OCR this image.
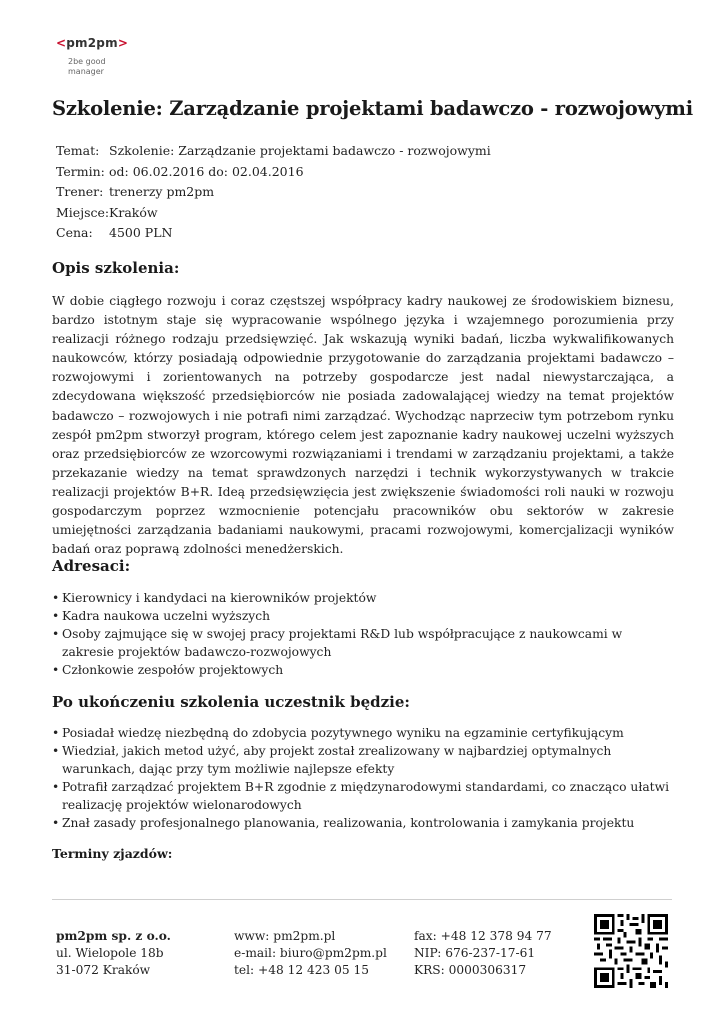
<pm2pm>
2be good
manager
Szkolenie: Zarządzanie projektami badawczo - rozwojowymi
Temat: Szkolenie: Zarządzanie projektami badawczo - rozwojowymi
Termin: od: 06.02.2016 do: 02.04.2016
Trener: trenerzy pm2pm
Miejsce: Kraków
Cena:	4500 PLN
Opis szkolenia:

W dobie ciągłego rozwoju i coraz częstszej współpracy kadry naukowej ze środowiskiem biznesu, bardzo istotnym staje się wypracowanie wspólnego języka i wzajemnego porozumienia przy realizacji różnego rodzaju przedsięwzięć. Jak wskazują wyniki badań, liczba wykwalifikowanych naukowców, którzy posiadają odpowiednie przygotowanie do zarządzania projektami badawczo – rozwojowymi i zorientowanych na potrzeby gospodarcze jest nadal niewystarczająca, a zdecydowana większość przedsiębiorców nie posiada zadowalającej wiedzy na temat projektów badawczo – rozwojowych i nie potrafi nimi zarządzać. Wychodząc naprzeciw tym potrzebom rynku zespół pm2pm stworzył program, którego celem jest zapoznanie kadry naukowej uczelni wyższych oraz przedsiębiorców ze wzorcowymi rozwiązaniami i trendami w zarządzaniu projektami, a także przekazanie wiedzy na temat sprawdzonych narzędzi i technik wykorzystywanych w trakcie realizacji projektów B+R. Ideą przedsięwzięcia jest zwiększenie świadomości roli nauki w rozwoju gospodarczym poprzez wzmocnienie potencjału pracowników obu sektorów w zakresie umiejętności zarządzania badaniami naukowymi, pracami rozwojowymi, komercjalizacji wyników badań oraz poprawą zdolności menedżerskich.

Adresaci:
• Kierownicy i kandydaci na kierowników projektów
• Kadra naukowa uczelni wyższych
• Osoby zajmujące się w swojej pracy projektami R&D lub współpracujące z naukowcami w zakresie projektów badawczo-rozwojowych
• Członkowie zespołów projektowych
Po ukończeniu szkolenia uczestnik będzie:
• Posiadał wiedzę niezbędną do zdobycia pozytywnego wyniku na egzaminie certyfikującym
• Wiedział, jakich metod użyć, aby projekt został zrealizowany w najbardziej optymalnych warunkach, dając przy tym możliwie najlepsze efekty
• Potrafił zarządzać projektem B+R zgodnie z międzynarodowymi standardami, co znacząco ułatwi realizację projektów wielonarodowych
• Znał zasady profesjonalnego planowania, realizowania, kontrolowania i zamykania projektu
Terminy zjazdów:
pm2pm sp. z o.o.
ul. Wielopole 18b
31-072 Kraków
www: pm2pm.pl
e-mail: biuro@pm2pm.pl
tel: +48 12 423 05 15
fax: +48 12 378 94 77
NIP: 676-237-17-61
KRS: 0000306317
